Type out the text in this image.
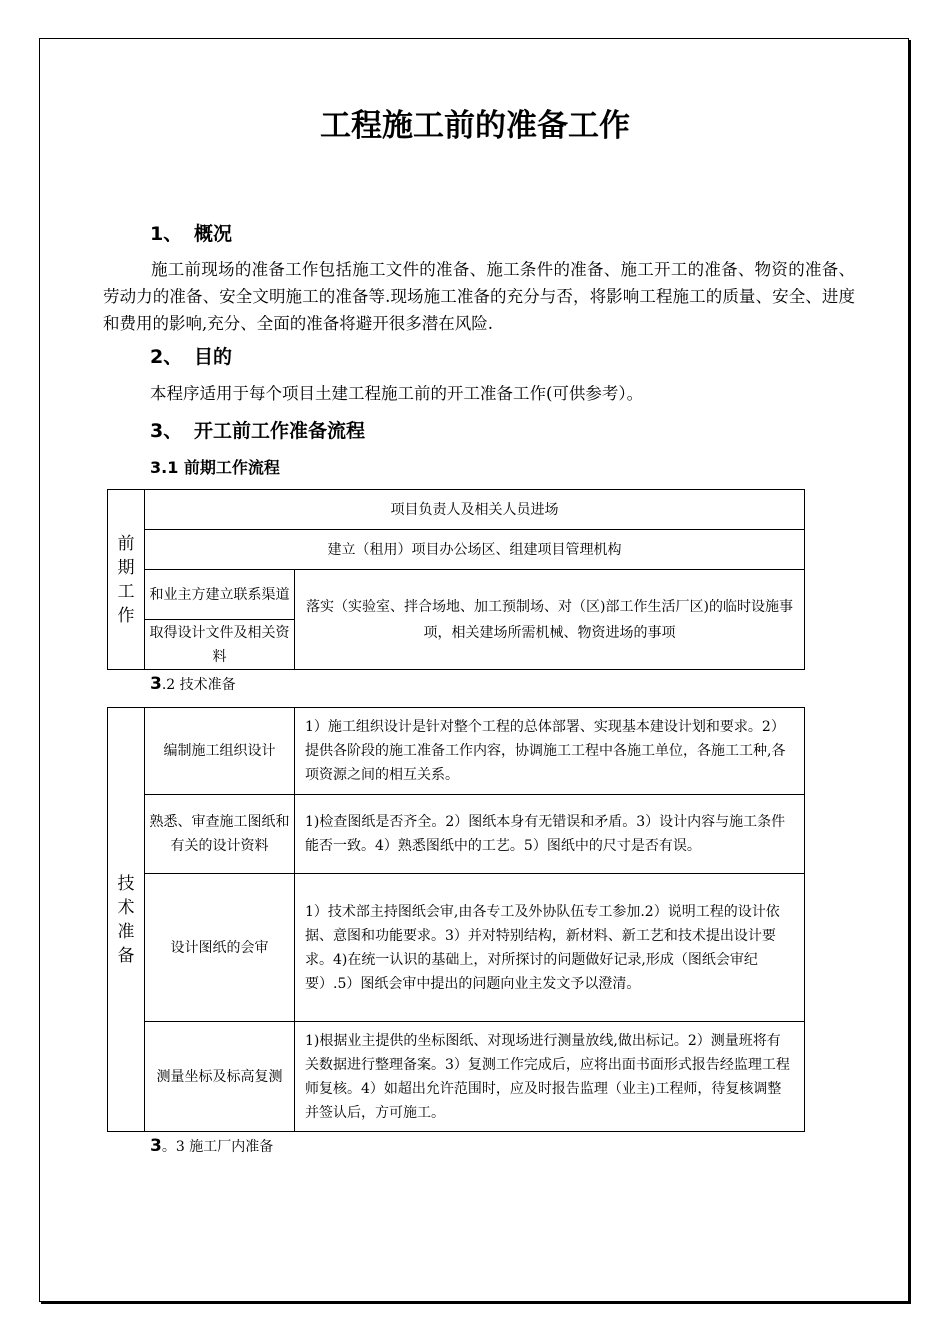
工程施工前的准备工作
1、 概况
施工前现场的准备工作包括施工文件的准备、施工条件的准备、施工开工的准备、物资的准备、劳动力的准备、安全文明施工的准备等.现场施工准备的充分与否，将影响工程施工的质量、安全、进度和费用的影响,充分、全面的准备将避开很多潜在风险.
2、 目的
本程序适用于每个项目土建工程施工前的开工准备工作(可供参考）。
3、 开工前工作准备流程
3.1 前期工作流程
前期工作	项目负责人及相关人员进场	
	建立（租用）项目办公场区、组建项目管理机构	
	和业主方建立联系渠道	落实（实验室、拌合场地、加工预制场、对（区)部工作生活厂区)的临时设施事项，相关建场所需机械、物资进场的事项

	取得设计文件及相关资料	
3.2 技术准备
技术准备	编制施工组织设计	1）施工组织设计是针对整个工程的总体部署、实现基本建设计划和要求。2）提供各阶段的施工准备工作内容，协调施工工程中各施工单位，各施工工种,各项资源之间的相互关系。
	熟悉、审查施工图纸和有关的设计资料	1)检查图纸是否齐全。2）图纸本身有无错误和矛盾。3）设计内容与施工条件能否一致。4）熟悉图纸中的工艺。5）图纸中的尺寸是否有误。
	设计图纸的会审	1）技术部主持图纸会审,由各专工及外协队伍专工参加.2）说明工程的设计依据、意图和功能要求。3）并对特别结构，新材料、新工艺和技术提出设计要求。4)在统一认识的基础上，对所探讨的问题做好记录,形成（图纸会审纪要）.5）图纸会审中提出的问题向业主发文予以澄清。
	测量坐标及标高复测	1)根据业主提供的坐标图纸、对现场进行测量放线,做出标记。2）测量班将有关数据进行整理备案。3）复测工作完成后，应将出面书面形式报告经监理工程师复核。4）如超出允许范围时，应及时报告监理（业主)工程师，待复核调整并签认后，方可施工。
3。3 施工厂内准备
